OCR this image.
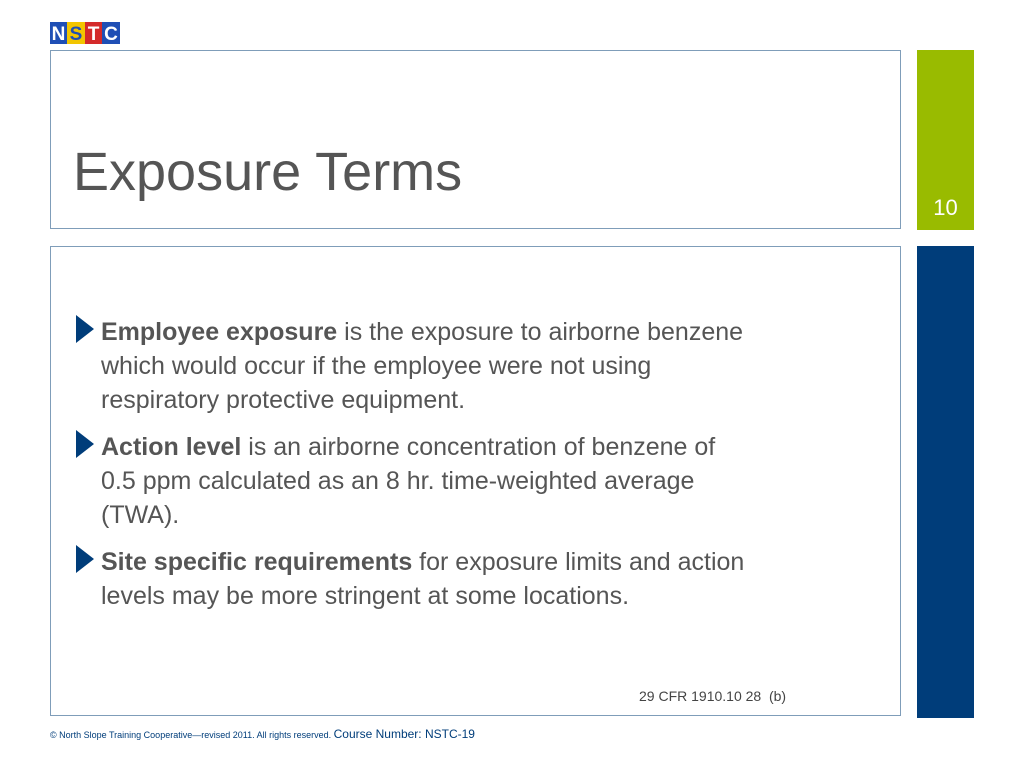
N S T C
Exposure Terms
10
Employee exposure is the exposure to airborne benzene which would occur if the employee were not using respiratory protective equipment.
Action level is an airborne concentration of benzene of 0.5 ppm calculated as an 8 hr. time-weighted average (TWA).
Site specific requirements for exposure limits and action levels may be more stringent at some locations.
29 CFR 1910.10 28  (b)
© North Slope Training Cooperative—revised 2011. All rights reserved. Course Number: NSTC-19
